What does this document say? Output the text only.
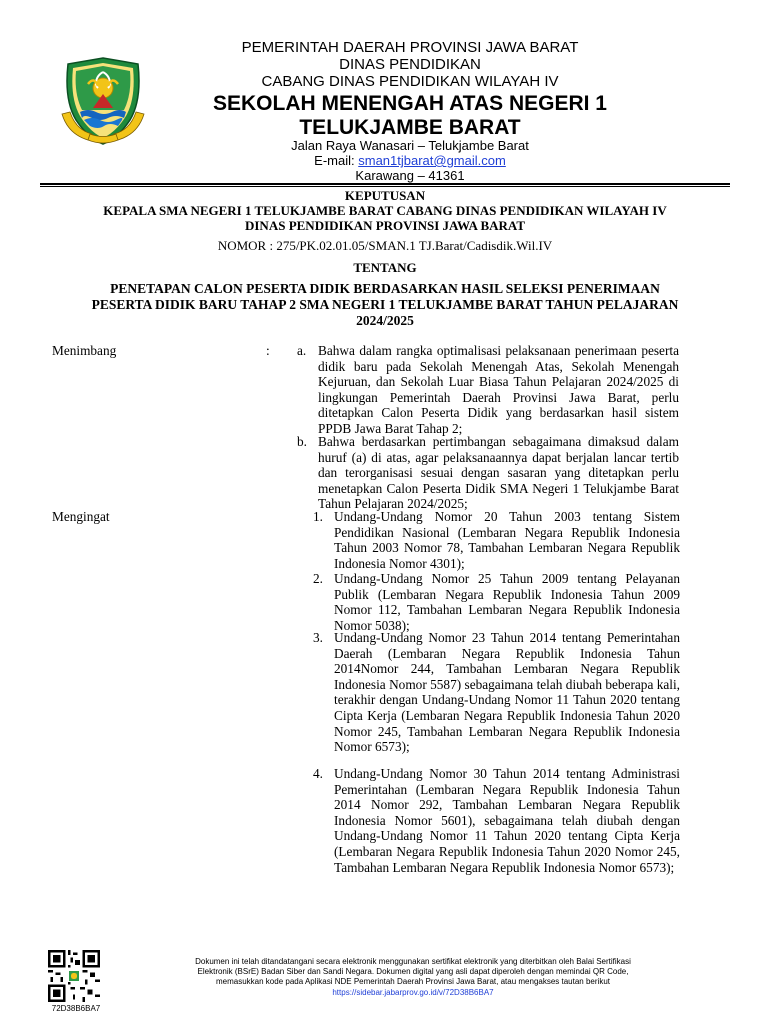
PEMERINTAH DAERAH PROVINSI JAWA BARAT
DINAS PENDIDIKAN
CABANG DINAS PENDIDIKAN WILAYAH IV
SEKOLAH MENENGAH ATAS NEGERI 1
TELUKJAMBE BARAT
Jalan Raya Wanasari – Telukjambe Barat
E-mail: sman1tjbarat@gmail.com
Karawang – 41361
KEPUTUSAN
KEPALA SMA NEGERI 1 TELUKJAMBE BARAT CABANG DINAS PENDIDIKAN WILAYAH IV
DINAS PENDIDIKAN PROVINSI JAWA BARAT
NOMOR : 275/PK.02.01.05/SMAN.1 TJ.Barat/Cadisdik.Wil.IV
TENTANG
PENETAPAN CALON PESERTA DIDIK BERDASARKAN HASIL SELEKSI PENERIMAAN
PESERTA DIDIK BARU TAHAP 2 SMA NEGERI 1 TELUKJAMBE BARAT TAHUN PELAJARAN
2024/2025
Menimbang	: a. Bahwa dalam rangka optimalisasi pelaksanaan penerimaan peserta didik baru pada Sekolah Menengah Atas, Sekolah Menengah Kejuruan, dan Sekolah Luar Biasa Tahun Pelajaran 2024/2025 di lingkungan Pemerintah Daerah Provinsi Jawa Barat, perlu ditetapkan Calon Peserta Didik yang berdasarkan hasil sistem PPDB Jawa Barat Tahap 2;
b. Bahwa berdasarkan pertimbangan sebagaimana dimaksud dalam huruf (a) di atas, agar pelaksanaannya dapat berjalan lancar tertib dan terorganisasi sesuai dengan sasaran yang ditetapkan perlu menetapkan Calon Peserta Didik SMA Negeri 1 Telukjambe Barat Tahun Pelajaran 2024/2025;
Mengingat	1. Undang-Undang Nomor 20 Tahun 2003 tentang Sistem Pendidikan Nasional (Lembaran Negara Republik Indonesia Tahun 2003 Nomor 78, Tambahan Lembaran Negara Republik Indonesia Nomor 4301);
2. Undang-Undang Nomor 25 Tahun 2009 tentang Pelayanan Publik (Lembaran Negara Republik Indonesia Tahun 2009 Nomor 112, Tambahan Lembaran Negara Republik Indonesia Nomor 5038);
3. Undang-Undang Nomor 23 Tahun 2014 tentang Pemerintahan Daerah (Lembaran Negara Republik Indonesia Tahun 2014Nomor 244, Tambahan Lembaran Negara Republik Indonesia Nomor 5587) sebagaimana telah diubah beberapa kali, terakhir dengan Undang-Undang Nomor 11 Tahun 2020 tentang Cipta Kerja (Lembaran Negara Republik Indonesia Tahun 2020 Nomor 245, Tambahan Lembaran Negara Republik Indonesia Nomor 6573);
4. Undang-Undang Nomor 30 Tahun 2014 tentang Administrasi Pemerintahan (Lembaran Negara Republik Indonesia Tahun 2014 Nomor 292, Tambahan Lembaran Negara Republik Indonesia Nomor 5601), sebagaimana telah diubah dengan Undang-Undang Nomor 11 Tahun 2020 tentang Cipta Kerja (Lembaran Negara Republik Indonesia Tahun 2020 Nomor 245, Tambahan Lembaran Negara Republik Indonesia Nomor 6573);
72D38B6BA7
Dokumen ini telah ditandatangani secara elektronik menggunakan sertifikat elektronik yang diterbitkan oleh Balai Sertifikasi
Elektronik (BSrE) Badan Siber dan Sandi Negara. Dokumen digital yang asli dapat diperoleh dengan memindai QR Code,
memasukkan kode pada Aplikasi NDE Pemerintah Daerah Provinsi Jawa Barat, atau mengakses tautan berikut
https://sidebar.jabarprov.go.id/v/72D38B6BA7
